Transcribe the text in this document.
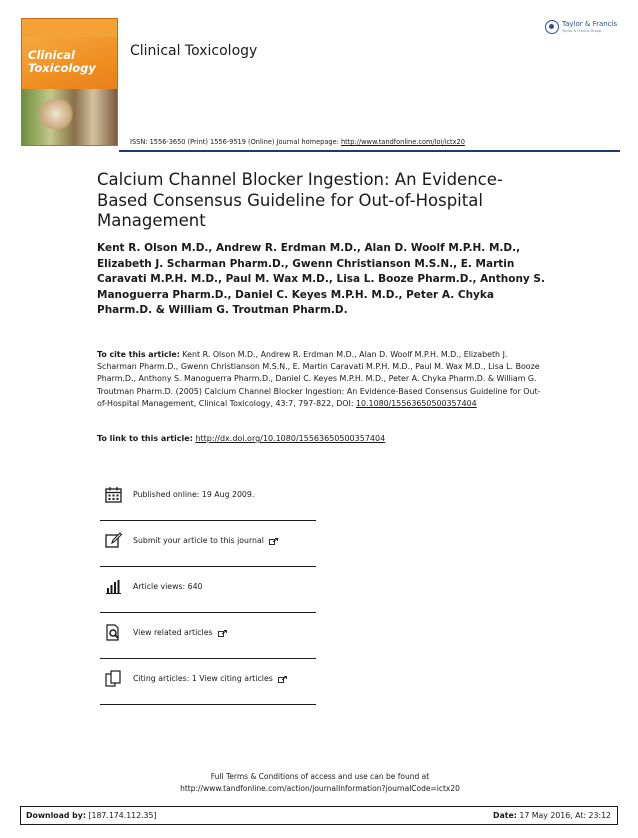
Clinical
Toxicology
Clinical Toxicology
Taylor & Francis
Taylor & Francis Group
ISSN: 1556-3650 (Print) 1556-9519 (Online) Journal homepage: http://www.tandfonline.com/loi/ictx20
Calcium Channel Blocker Ingestion: An Evidence-Based Consensus Guideline for Out-of-Hospital Management
Kent R. Olson M.D., Andrew R. Erdman M.D., Alan D. Woolf M.P.H. M.D., Elizabeth J. Scharman Pharm.D., Gwenn Christianson M.S.N., E. Martin Caravati M.P.H. M.D., Paul M. Wax M.D., Lisa L. Booze Pharm.D., Anthony S. Manoguerra Pharm.D., Daniel C. Keyes M.P.H. M.D., Peter A. Chyka Pharm.D. & William G. Troutman Pharm.D.
To cite this article: Kent R. Olson M.D., Andrew R. Erdman M.D., Alan D. Woolf M.P.H. M.D., Elizabeth J. Scharman Pharm.D., Gwenn Christianson M.S.N., E. Martin Caravati M.P.H. M.D., Paul M. Wax M.D., Lisa L. Booze Pharm.D., Anthony S. Manoguerra Pharm.D., Daniel C. Keyes M.P.H. M.D., Peter A. Chyka Pharm.D. & William G. Troutman Pharm.D. (2005) Calcium Channel Blocker Ingestion: An Evidence-Based Consensus Guideline for Out-of-Hospital Management, Clinical Toxicology, 43:7, 797-822, DOI: 10.1080/15563650500357404
To link to this article: http://dx.doi.org/10.1080/15563650500357404
Published online: 19 Aug 2009.
Submit your article to this journal
Article views: 640
View related articles
Citing articles: 1 View citing articles
Full Terms & Conditions of access and use can be found at
http://www.tandfonline.com/action/journalInformation?journalCode=ictx20
Download by: [187.174.112.35]	Date: 17 May 2016, At: 23:12
